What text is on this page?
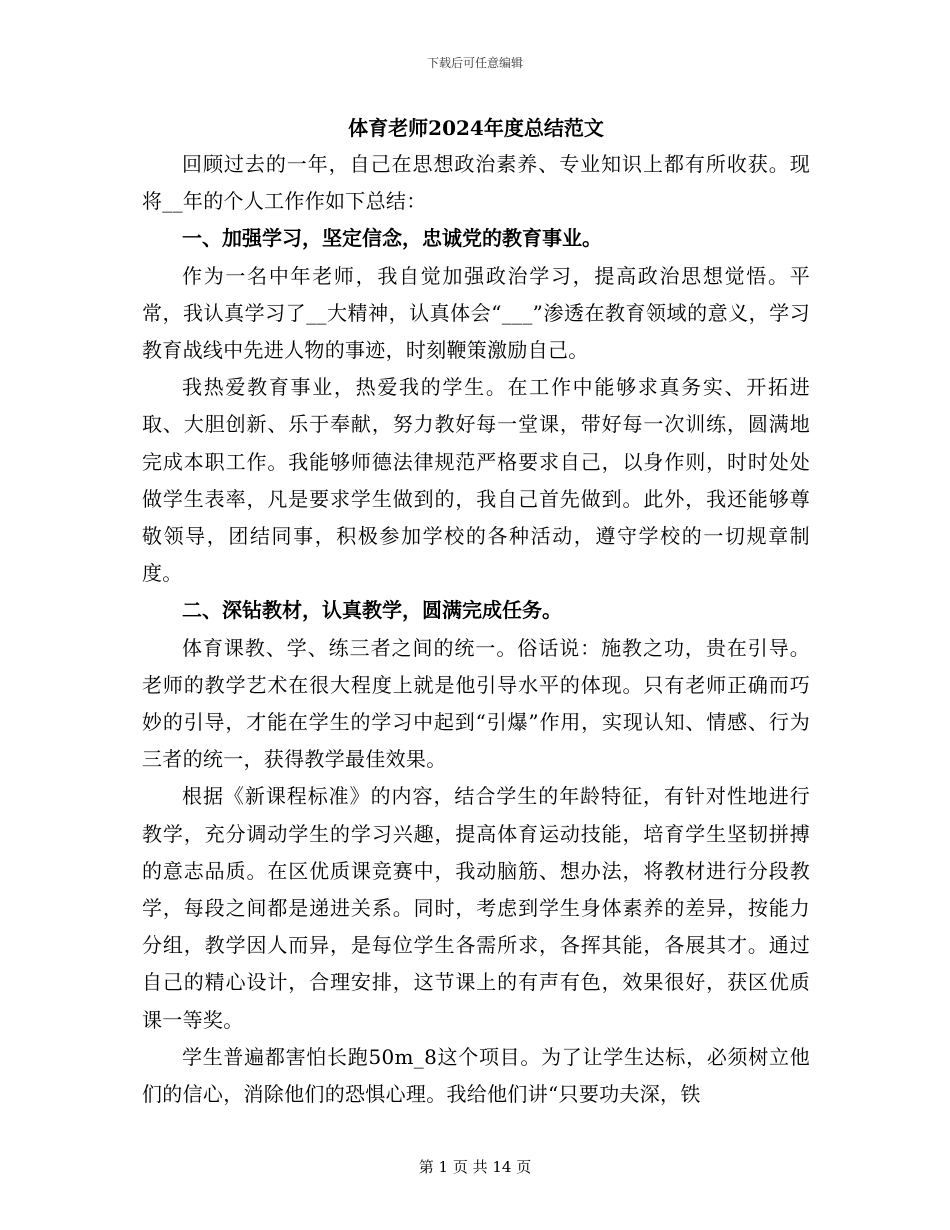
下载后可任意编辑
体育老师2024年度总结范文

回顾过去的一年，自己在思想政治素养、专业知识上都有所收获。现将__年的个人工作作如下总结：

一、加强学习，坚定信念，忠诚党的教育事业。

作为一名中年老师，我自觉加强政治学习，提高政治思想觉悟。平常，我认真学习了__大精神，认真体会“___”渗透在教育领域的意义，学习教育战线中先进人物的事迹，时刻鞭策激励自己。

我热爱教育事业，热爱我的学生。在工作中能够求真务实、开拓进取、大胆创新、乐于奉献，努力教好每一堂课，带好每一次训练，圆满地完成本职工作。我能够师德法律规范严格要求自己，以身作则，时时处处做学生表率，凡是要求学生做到的，我自己首先做到。此外，我还能够尊敬领导，团结同事，积极参加学校的各种活动，遵守学校的一切规章制度。

二、深钻教材，认真教学，圆满完成任务。

体育课教、学、练三者之间的统一。俗话说：施教之功，贵在引导。老师的教学艺术在很大程度上就是他引导水平的体现。只有老师正确而巧妙的引导，才能在学生的学习中起到“引爆”作用，实现认知、情感、行为三者的统一，获得教学最佳效果。

根据《新课程标准》的内容，结合学生的年龄特征，有针对性地进行教学，充分调动学生的学习兴趣，提高体育运动技能，培育学生坚韧拼搏的意志品质。在区优质课竞赛中，我动脑筋、想办法，将教材进行分段教学，每段之间都是递进关系。同时，考虑到学生身体素养的差异，按能力分组，教学因人而异，是每位学生各需所求，各挥其能，各展其才。通过自己的精心设计，合理安排，这节课上的有声有色，效果很好，获区优质课一等奖。

学生普遍都害怕长跑50m_8这个项目。为了让学生达标，必须树立他们的信心，消除他们的恐惧心理。我给他们讲“只要功夫深，铁

第 1 页 共 14 页
